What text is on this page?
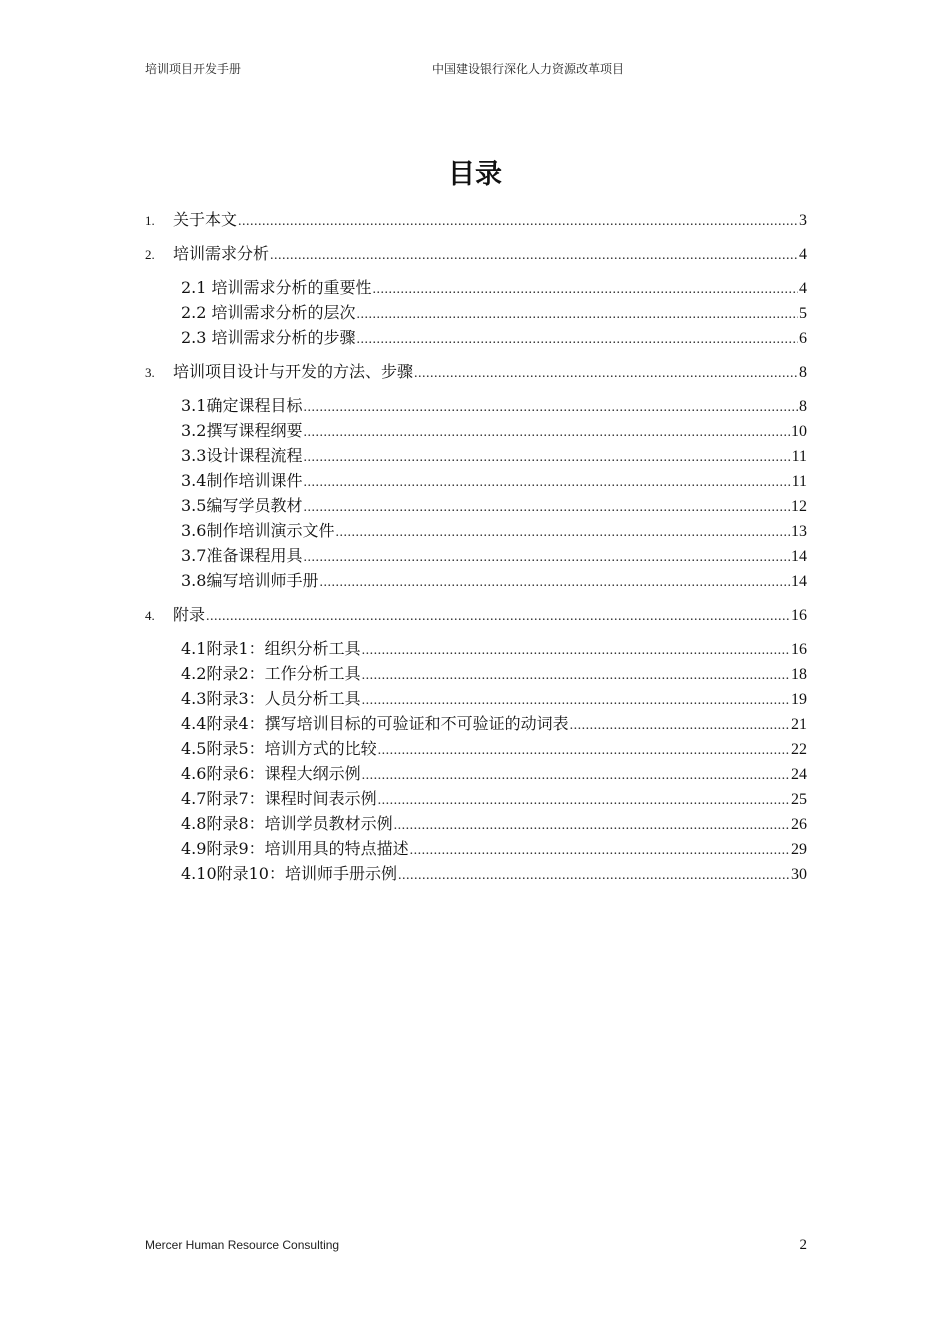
培训项目开发手册	中国建设银行深化人力资源改革项目
目录
1.	关于本文 .....	3
2.	培训需求分析 .....	4
2.1 培训需求分析的重要性 .....	4
2.2 培训需求分析的层次 .....	5
2.3 培训需求分析的步骤 .....	6
3.	培训项目设计与开发的方法、步骤 .....	8
3.1确定课程目标 .....	8
3.2撰写课程纲要 .....	10
3.3设计课程流程 .....	11
3.4制作培训课件 .....	11
3.5编写学员教材 .....	12
3.6制作培训演示文件 .....	13
3.7准备课程用具 .....	14
3.8编写培训师手册 .....	14
4.	附录 .....	16
4.1附录1：组织分析工具 .....	16
4.2附录2：工作分析工具 .....	18
4.3附录3：人员分析工具 .....	19
4.4附录4：撰写培训目标的可验证和不可验证的动词表 .....	21
4.5附录5：培训方式的比较 .....	22
4.6附录6：课程大纲示例 .....	24
4.7附录7：课程时间表示例 .....	25
4.8附录8：培训学员教材示例 .....	26
4.9附录9：培训用具的特点描述 .....	29
4.10附录10：培训师手册示例 .....	30
Mercer Human Resource Consulting	2
